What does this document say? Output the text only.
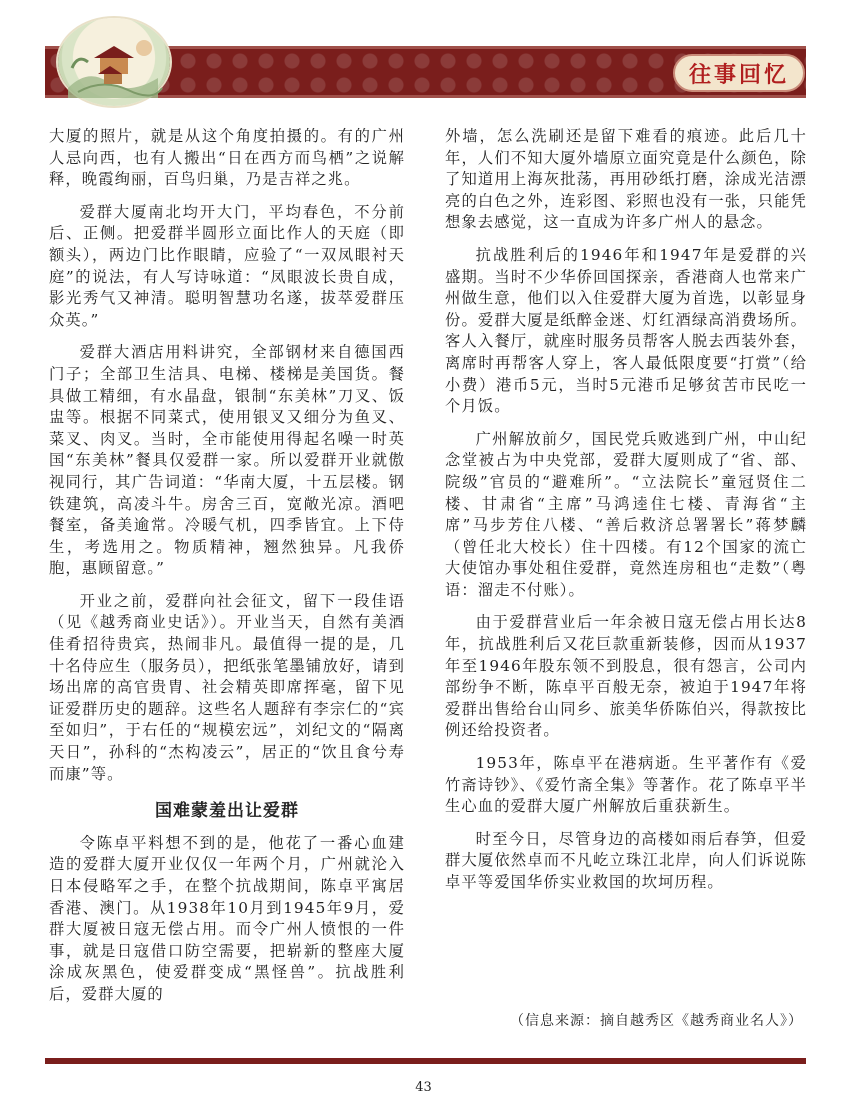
往事回忆

大厦的照片，就是从这个角度拍摄的。有的广州人忌向西，也有人搬出“日在西方而鸟栖”之说解释，晚霞绚丽，百鸟归巢，乃是吉祥之兆。

爱群大厦南北均开大门，平均春色，不分前后、正侧。把爱群半圆形立面比作人的天庭（即额头），两边门比作眼睛，应验了“一双凤眼衬天庭”的说法，有人写诗咏道：“凤眼波长贵自成，影光秀气又神清。聪明智慧功名遂，拔萃爱群压众英。”

爱群大酒店用料讲究，全部钢材来自德国西门子；全部卫生洁具、电梯、楼梯是美国货。餐具做工精细，有水晶盘，银制“东美林”刀叉、饭盅等。根据不同菜式，使用银叉又细分为鱼叉、菜叉、肉叉。当时，全市能使用得起名噪一时英国“东美林”餐具仅爱群一家。所以爱群开业就傲视同行，其广告词道：“华南大厦，十五层楼。钢铁建筑，高凌斗牛。房舍三百，宽敞光凉。酒吧餐室，备美逾常。冷暖气机，四季皆宜。上下侍生，考选用之。物质精神，翘然独异。凡我侨胞，惠顾留意。”

开业之前，爱群向社会征文，留下一段佳语（见《越秀商业史话》）。开业当天，自然有美酒佳肴招待贵宾，热闹非凡。最值得一提的是，几十名侍应生（服务员），把纸张笔墨铺放好，请到场出席的高官贵胄、社会精英即席挥毫，留下见证爱群历史的题辞。这些名人题辞有李宗仁的“宾至如归”，于右任的“规模宏远”，刘纪文的“隔离天日”，孙科的“杰构凌云”，居正的“饮且食兮寿而康”等。

国难蒙羞出让爱群

令陈卓平料想不到的是，他花了一番心血建造的爱群大厦开业仅仅一年两个月，广州就沦入日本侵略军之手，在整个抗战期间，陈卓平寓居香港、澳门。从1938年10月到1945年9月，爱群大厦被日寇无偿占用。而令广州人愤恨的一件事，就是日寇借口防空需要，把崭新的整座大厦涂成灰黑色，使爱群变成“黑怪兽”。抗战胜利后，爱群大厦的

外墙，怎么洗刷还是留下难看的痕迹。此后几十年，人们不知大厦外墙原立面究竟是什么颜色，除了知道用上海灰批荡，再用砂纸打磨，涂成光洁漂亮的白色之外，连彩图、彩照也没有一张，只能凭想象去感觉，这一直成为许多广州人的悬念。

抗战胜利后的1946年和1947年是爱群的兴盛期。当时不少华侨回国探亲，香港商人也常来广州做生意，他们以入住爱群大厦为首选，以彰显身份。爱群大厦是纸醉金迷、灯红酒绿高消费场所。客人入餐厅，就座时服务员帮客人脱去西装外套，离席时再帮客人穿上，客人最低限度要“打赏”（给小费）港币5元，当时5元港币足够贫苦市民吃一个月饭。

广州解放前夕，国民党兵败逃到广州，中山纪念堂被占为中央党部，爱群大厦则成了“省、部、院级”官员的“避难所”。“立法院长”童冠贤住二楼、甘肃省“主席”马鸿逵住七楼、青海省“主席”马步芳住八楼、“善后救济总署署长”蒋梦麟（曾任北大校长）住十四楼。有12个国家的流亡大使馆办事处租住爱群，竟然连房租也“走数”（粤语：溜走不付账）。

由于爱群营业后一年余被日寇无偿占用长达8年，抗战胜利后又花巨款重新装修，因而从1937年至1946年股东领不到股息，很有怨言，公司内部纷争不断，陈卓平百般无奈，被迫于1947年将爱群出售给台山同乡、旅美华侨陈伯兴，得款按比例还给投资者。

1953年，陈卓平在港病逝。生平著作有《爱竹斋诗钞》、《爱竹斋全集》等著作。花了陈卓平半生心血的爱群大厦广州解放后重获新生。

时至今日，尽管身边的高楼如雨后春笋，但爱群大厦依然卓而不凡屹立珠江北岸，向人们诉说陈卓平等爱国华侨实业救国的坎坷历程。

（信息来源：摘自越秀区《越秀商业名人》）
43
